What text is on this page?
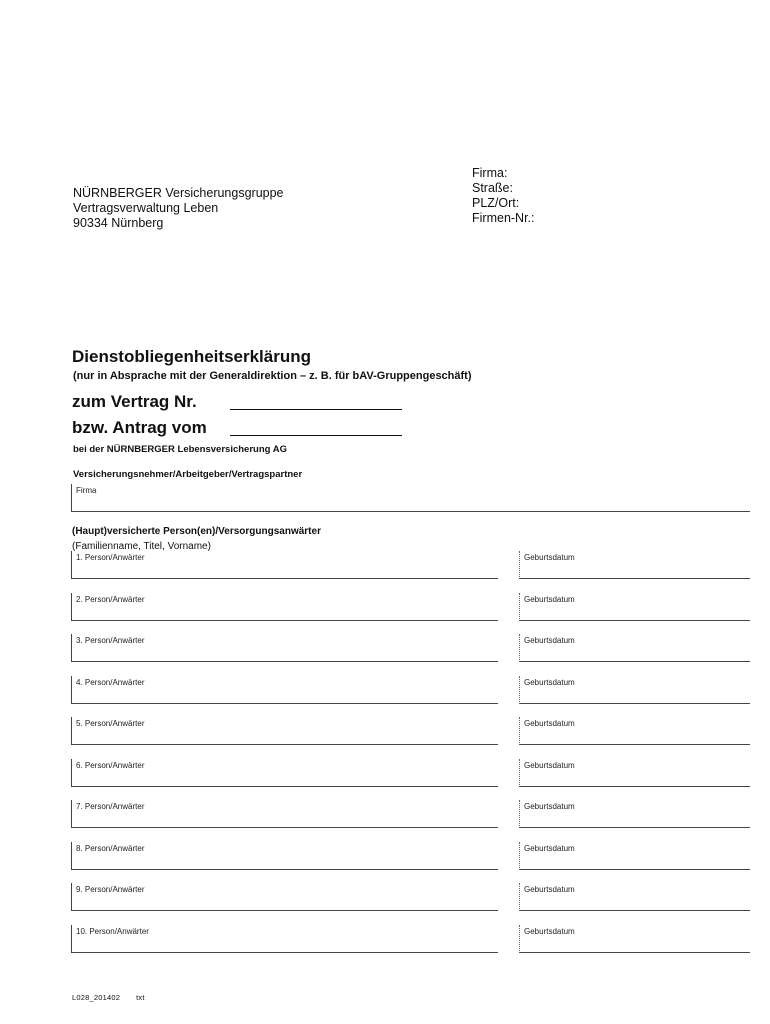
Firma:
Straße:
PLZ/Ort:
Firmen-Nr.:
NÜRNBERGER Versicherungsgruppe
Vertragsverwaltung Leben
90334 Nürnberg
Dienstobliegenheitserklärung
(nur in Absprache mit der Generaldirektion – z. B. für bAV-Gruppengeschäft)
zum Vertrag Nr.
bzw. Antrag vom
bei der NÜRNBERGER Lebensversicherung AG
Versicherungsnehmer/Arbeitgeber/Vertragspartner
Firma
(Haupt)versicherte Person(en)/Versorgungsanwärter
(Familienname, Titel, Vorname)
1. Person/Anwärter	Geburtsdatum
2. Person/Anwärter	Geburtsdatum
3. Person/Anwärter	Geburtsdatum
4. Person/Anwärter	Geburtsdatum
5. Person/Anwärter	Geburtsdatum
6. Person/Anwärter	Geburtsdatum
7. Person/Anwärter	Geburtsdatum
8. Person/Anwärter	Geburtsdatum
9. Person/Anwärter	Geburtsdatum
10. Person/Anwärter	Geburtsdatum
L028_201402 txt
